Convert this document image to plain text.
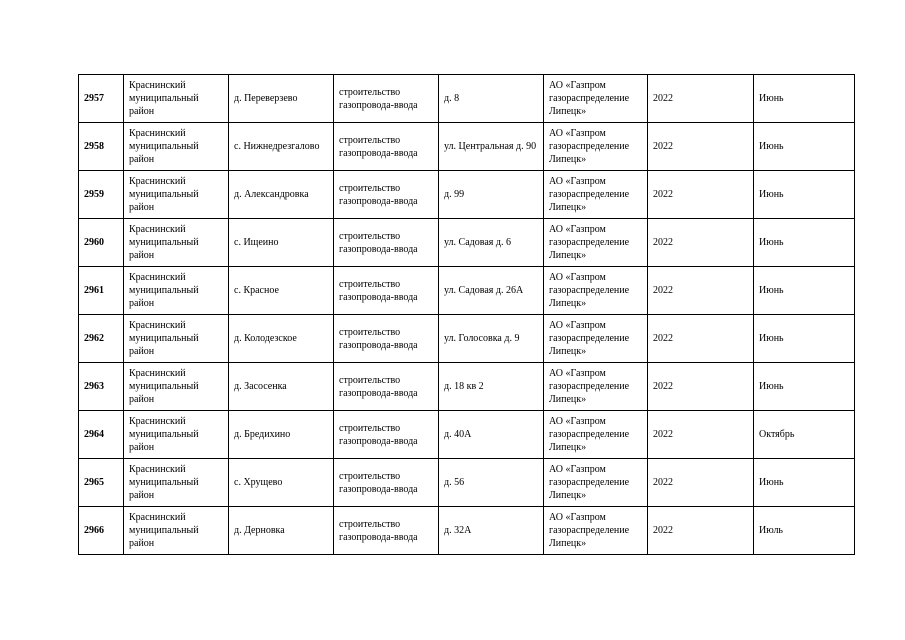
2957	Краснинский муниципальный район	д. Переверзево	строительство газопровода-ввода	д. 8	АО «Газпром газораспределение Липецк»	2022	Июнь
2958	Краснинский муниципальный район	с. Нижнедрезгалово	строительство газопровода-ввода	ул. Центральная д. 90	АО «Газпром газораспределение Липецк»	2022	Июнь
2959	Краснинский муниципальный район	д. Александровка	строительство газопровода-ввода	д. 99	АО «Газпром газораспределение Липецк»	2022	Июнь
2960	Краснинский муниципальный район	с. Ищеино	строительство газопровода-ввода	ул. Садовая д. 6	АО «Газпром газораспределение Липецк»	2022	Июнь
2961	Краснинский муниципальный район	с. Красное	строительство газопровода-ввода	ул. Садовая д. 26А	АО «Газпром газораспределение Липецк»	2022	Июнь
2962	Краснинский муниципальный район	д. Колодезское	строительство газопровода-ввода	ул. Голосовка д. 9	АО «Газпром газораспределение Липецк»	2022	Июнь
2963	Краснинский муниципальный район	д. Засосенка	строительство газопровода-ввода	д. 18 кв 2	АО «Газпром газораспределение Липецк»	2022	Июнь
2964	Краснинский муниципальный район	д. Бредихино	строительство газопровода-ввода	д. 40А	АО «Газпром газораспределение Липецк»	2022	Октябрь
2965	Краснинский муниципальный район	с. Хрущево	строительство газопровода-ввода	д. 56	АО «Газпром газораспределение Липецк»	2022	Июнь
2966	Краснинский муниципальный район	д. Дерновка	строительство газопровода-ввода	д. 32А	АО «Газпром газораспределение Липецк»	2022	Июль
